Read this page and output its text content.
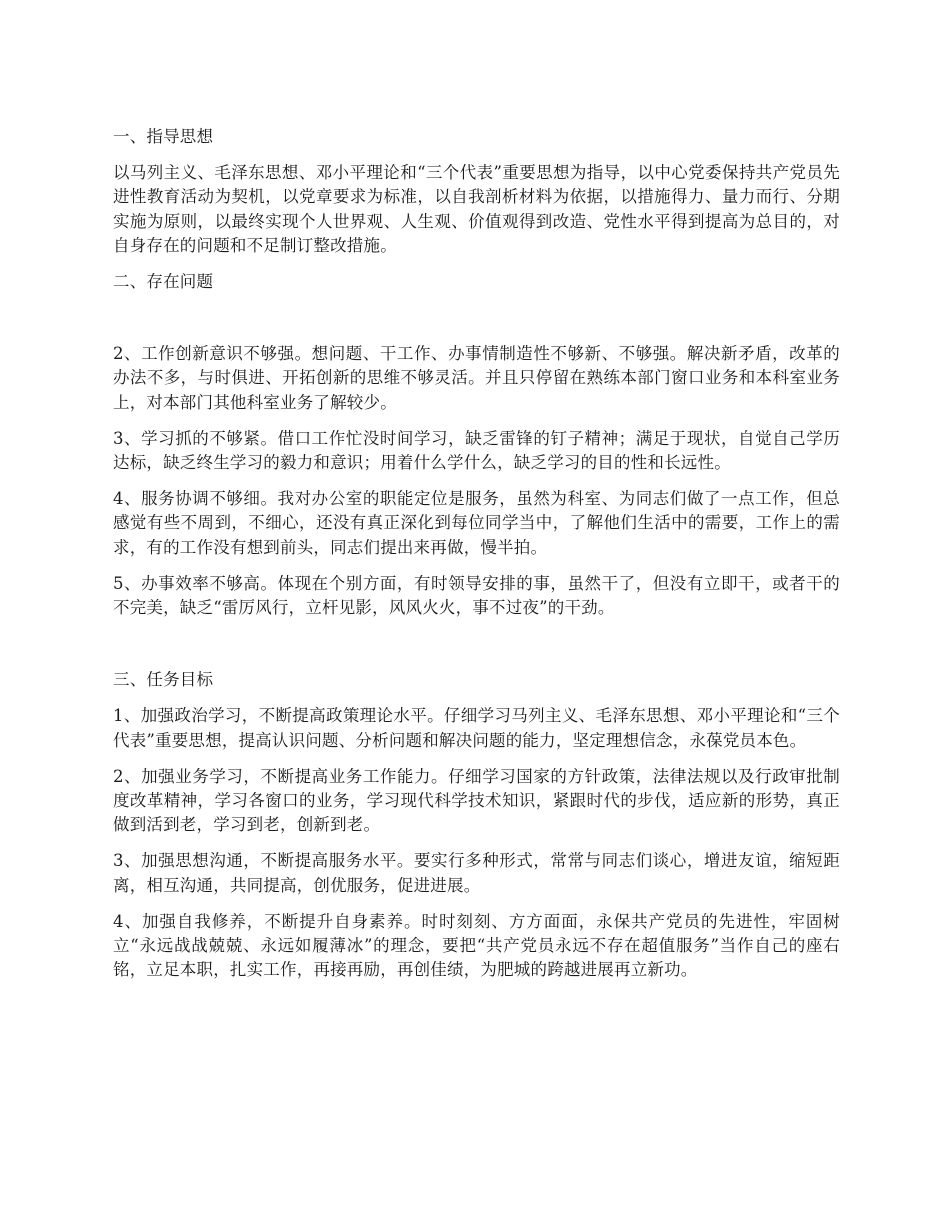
一、指导思想
以马列主义、毛泽东思想、邓小平理论和“三个代表”重要思想为指导，以中心党委保持共产党员先进性教育活动为契机，以党章要求为标准，以自我剖析材料为依据，以措施得力、量力而行、分期实施为原则，以最终实现个人世界观、人生观、价值观得到改造、党性水平得到提高为总目的，对自身存在的问题和不足制订整改措施。
二、存在问题
2、工作创新意识不够强。想问题、干工作、办事情制造性不够新、不够强。解决新矛盾，改革的办法不多，与时俱进、开拓创新的思维不够灵活。并且只停留在熟练本部门窗口业务和本科室业务上，对本部门其他科室业务了解较少。
3、学习抓的不够紧。借口工作忙没时间学习，缺乏雷锋的钉子精神；满足于现状，自觉自己学历达标，缺乏终生学习的毅力和意识；用着什么学什么，缺乏学习的目的性和长远性。
4、服务协调不够细。我对办公室的职能定位是服务，虽然为科室、为同志们做了一点工作，但总感觉有些不周到，不细心，还没有真正深化到每位同学当中，了解他们生活中的需要，工作上的需求，有的工作没有想到前头，同志们提出来再做，慢半拍。
5、办事效率不够高。体现在个别方面，有时领导安排的事，虽然干了，但没有立即干，或者干的不完美，缺乏“雷厉风行，立杆见影，风风火火，事不过夜”的干劲。
三、任务目标
1、加强政治学习，不断提高政策理论水平。仔细学习马列主义、毛泽东思想、邓小平理论和“三个代表”重要思想，提高认识问题、分析问题和解决问题的能力，坚定理想信念，永葆党员本色。
2、加强业务学习，不断提高业务工作能力。仔细学习国家的方针政策，法律法规以及行政审批制度改革精神，学习各窗口的业务，学习现代科学技术知识，紧跟时代的步伐，适应新的形势，真正做到活到老，学习到老，创新到老。
3、加强思想沟通，不断提高服务水平。要实行多种形式，常常与同志们谈心，增进友谊，缩短距离，相互沟通，共同提高，创优服务，促进进展。
4、加强自我修养，不断提升自身素养。时时刻刻、方方面面，永保共产党员的先进性，牢固树立“永远战战兢兢、永远如履薄冰”的理念，要把“共产党员永远不存在超值服务”当作自己的座右铭，立足本职，扎实工作，再接再励，再创佳绩，为肥城的跨越进展再立新功。
